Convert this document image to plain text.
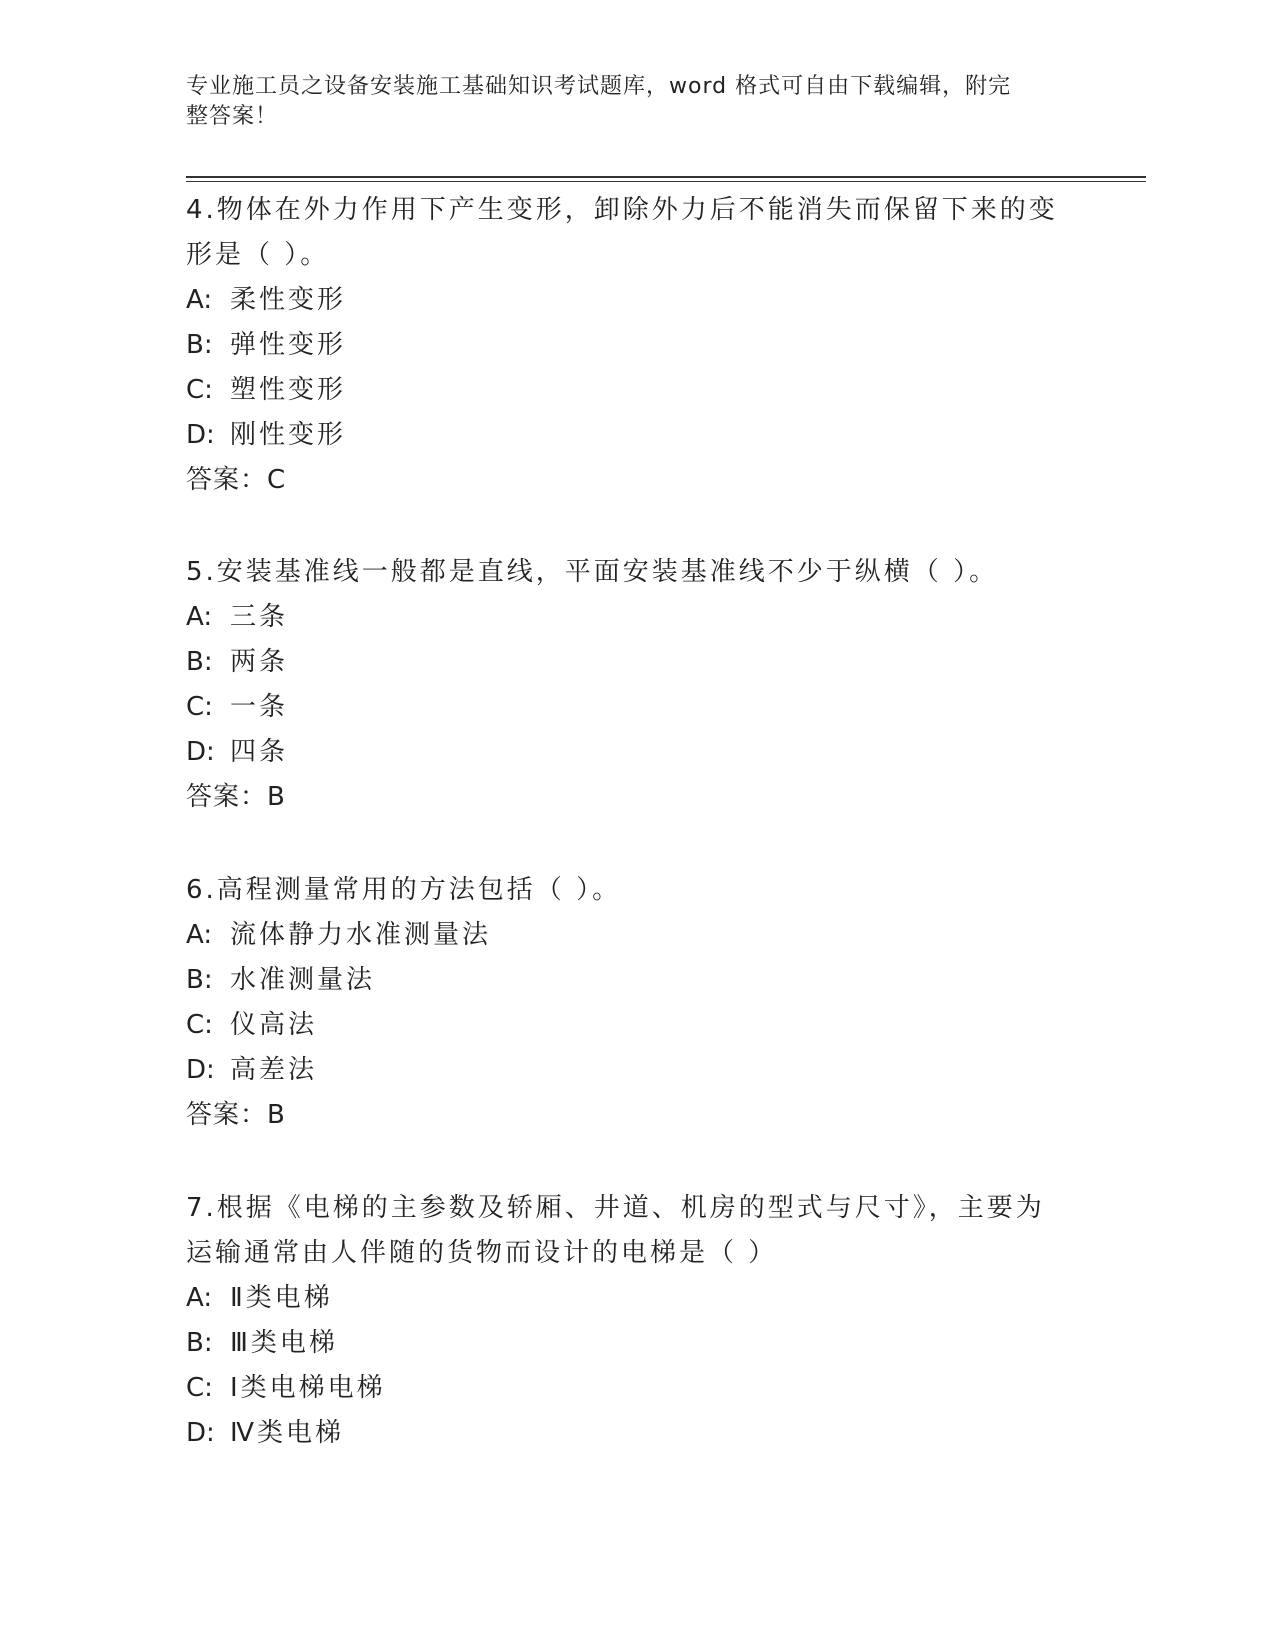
专业施工员之设备安装施工基础知识考试题库，word 格式可自由下载编辑，附完
整答案！

4.物体在外力作用下产生变形，卸除外力后不能消失而保留下来的变形是（ ）。

A: 柔性变形

B: 弹性变形

C: 塑性变形

D: 刚性变形

答案：C

5.安装基准线一般都是直线，平面安装基准线不少于纵横（ ）。

A: 三条

B: 两条

C: 一条

D: 四条

答案：B

6.高程测量常用的方法包括（ ）。

A: 流体静力水准测量法

B: 水准测量法

C: 仪高法

D: 高差法

答案：B

7.根据《电梯的主参数及轿厢、井道、机房的型式与尺寸》，主要为运输通常由人伴随的货物而设计的电梯是（ ）

A: Ⅱ类电梯

B: Ⅲ类电梯

C: Ⅰ类电梯电梯

D: Ⅳ类电梯
